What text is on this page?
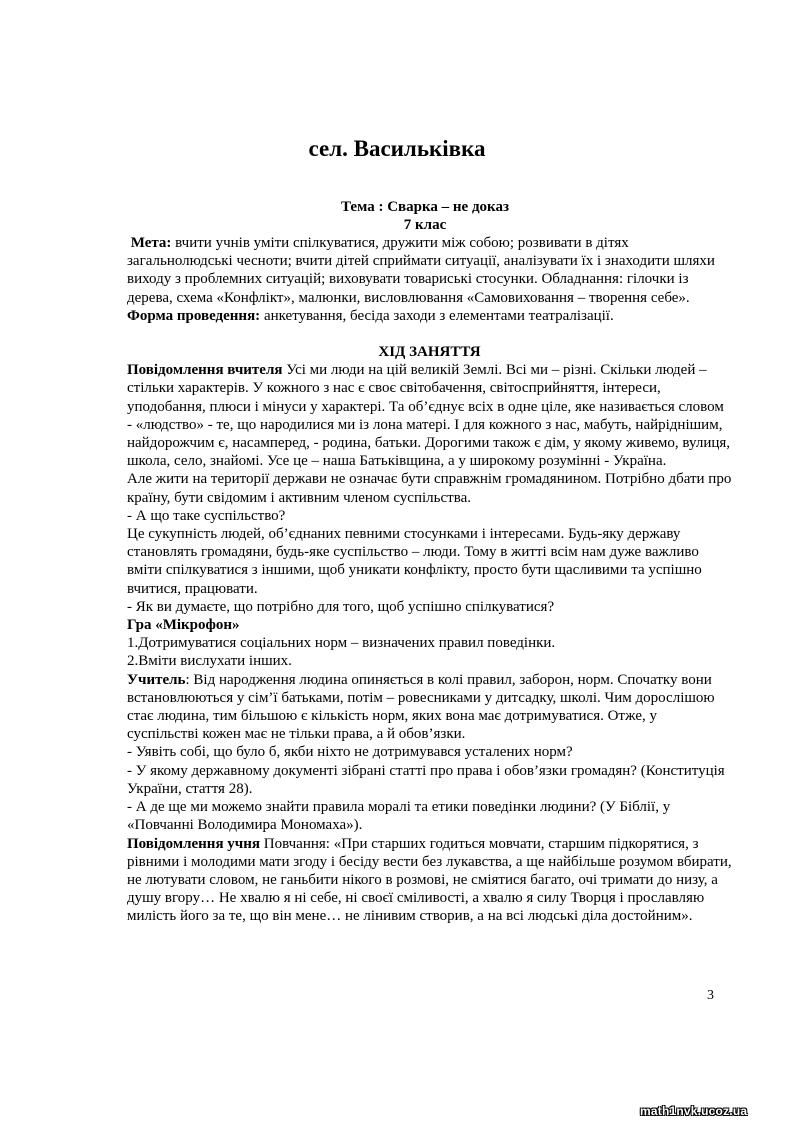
сел. Васильківка
Тема : Сварка – не доказ
7 клас

Мета: вчити учнів уміти спілкуватися, дружити між собою; розвивати в дітях загальнолюдські чесноти; вчити дітей сприймати ситуації, аналізувати їх і знаходити шляхи виходу з проблемних ситуацій; виховувати товариські стосунки. Обладнання: гілочки із дерева, схема «Конфлікт», малюнки, висловлювання «Самовиховання – творення себе».

Форма проведення: анкетування, бесіда заходи з елементами театралізації.

ХІД ЗАНЯТТЯ

Повідомлення вчителя Усі ми люди на цій великій Землі. Всі ми – різні. Скільки людей – стільки характерів. У кожного з нас є своє світобачення, світосприйняття, інтереси, уподобання, плюси і мінуси у характері. Та об’єднує всіх в одне ціле, яке називається словом - «людство» - те, що народилися ми із лона матері. І для кожного з нас, мабуть, найріднішим, найдорожчим є, насамперед, - родина, батьки. Дорогими також є дім, у якому живемо, вулиця, школа, село, знайомі. Усе це – наша Батьківщина, а у широкому розумінні - Україна.

Але жити на території держави не означає бути справжнім громадянином. Потрібно дбати про країну, бути свідомим і активним членом суспільства.

- А що таке суспільство?

Це сукупність людей, об’єднаних певними стосунками і інтересами. Будь-яку державу становлять громадяни, будь-яке суспільство – люди. Тому в житті всім нам дуже важливо вміти спілкуватися з іншими, щоб уникати конфлікту, просто бути щасливими та успішно вчитися, працювати.

- Як ви думаєте, що потрібно для того, щоб успішно спілкуватися?

Гра «Мікрофон»

1.Дотримуватися соціальних норм – визначених правил поведінки.

2.Вміти вислухати інших.

Учитель: Від народження людина опиняється в колі правил, заборон, норм. Спочатку вони встановлюються у сім’ї батьками, потім – ровесниками у дитсадку, школі. Чим дорослішою стає людина, тим більшою є кількість норм, яких вона має дотримуватися. Отже, у суспільстві кожен має не тільки права, а й обов’язки.

- Уявіть собі, що було б, якби ніхто не дотримувався усталених норм?

- У якому державному документі зібрані статті про права і обов’язки громадян? (Конституція України, стаття 28).

- А де ще ми можемо знайти правила моралі та етики поведінки людини? (У Біблії, у «Повчанні Володимира Мономаха»).

Повідомлення учня Повчання: «При старших годиться мовчати, старшим підкорятися, з рівними і молодими мати згоду і бесіду вести без лукавства, а ще найбільше розумом вбирати, не лютувати словом, не ганьбити нікого в розмові, не сміятися багато, очі тримати до низу, а душу вгору… Не хвалю я ні себе, ні своєї сміливості, а хвалю я силу Творця і прославляю милість його за те, що він мене… не лінивим створив, а на всі людські діла достойним».

3
math1nvk.ucoz.ua
